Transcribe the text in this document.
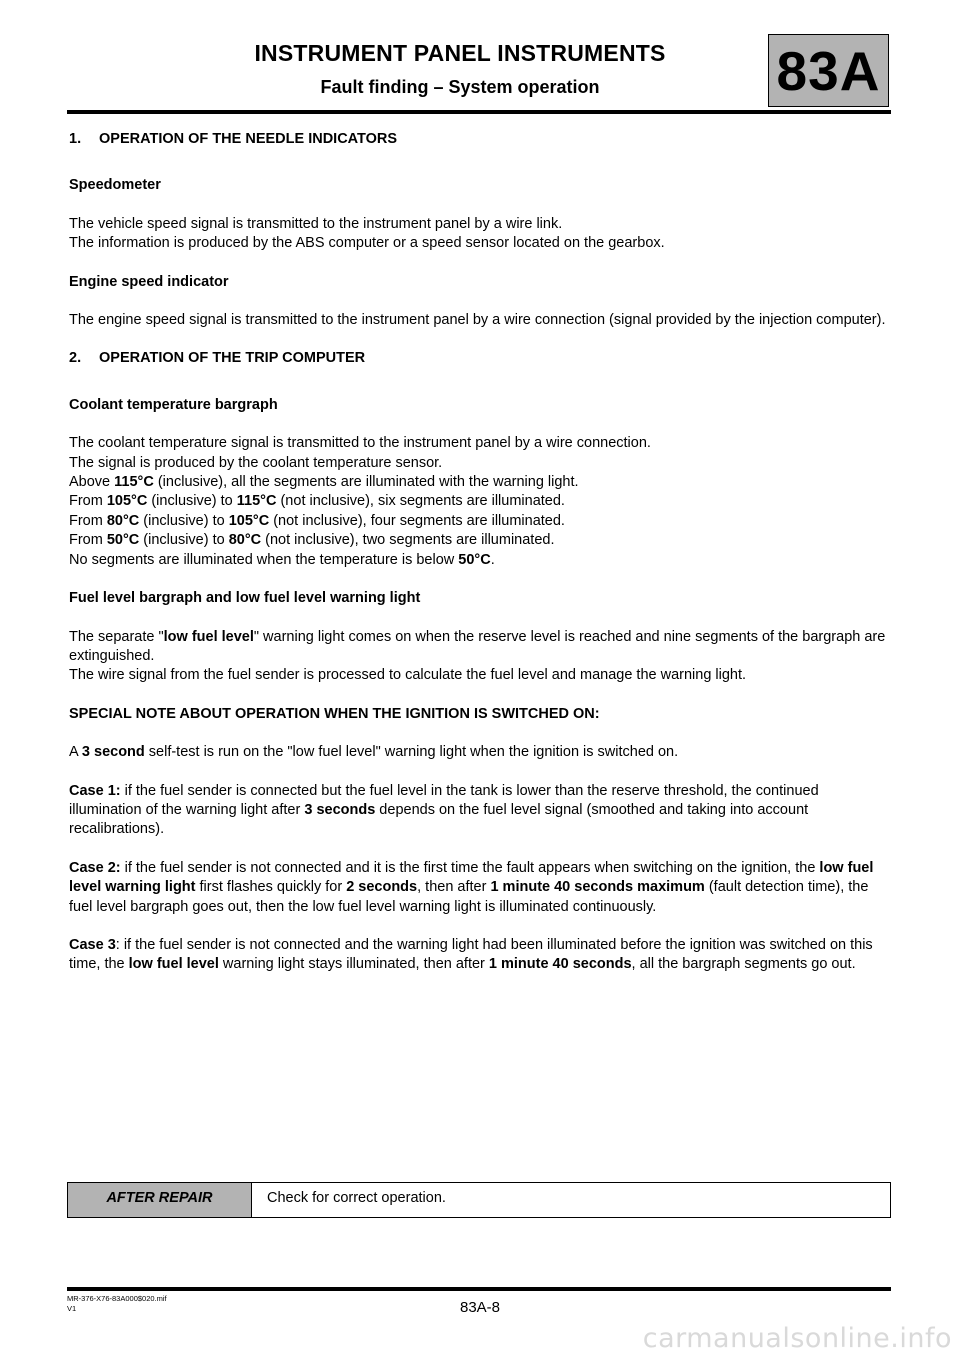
INSTRUMENT PANEL INSTRUMENTS
Fault finding – System operation	83A

1. OPERATION OF THE NEEDLE INDICATORS

Speedometer

The vehicle speed signal is transmitted to the instrument panel by a wire link.

The information is produced by the ABS computer or a speed sensor located on the gearbox.

Engine speed indicator

The engine speed signal is transmitted to the instrument panel by a wire connection (signal provided by the injection computer).

2. OPERATION OF THE TRIP COMPUTER

Coolant temperature bargraph

The coolant temperature signal is transmitted to the instrument panel by a wire connection.

The signal is produced by the coolant temperature sensor.

Above 115°C (inclusive), all the segments are illuminated with the warning light.

From 105°C (inclusive) to 115°C (not inclusive), six segments are illuminated.

From 80°C (inclusive) to 105°C (not inclusive), four segments are illuminated.

From 50°C (inclusive) to 80°C (not inclusive), two segments are illuminated.

No segments are illuminated when the temperature is below 50°C.

Fuel level bargraph and low fuel level warning light

The separate "low fuel level" warning light comes on when the reserve level is reached and nine segments of the bargraph are extinguished.

The wire signal from the fuel sender is processed to calculate the fuel level and manage the warning light.

SPECIAL NOTE ABOUT OPERATION WHEN THE IGNITION IS SWITCHED ON:

A 3 second self-test is run on the "low fuel level" warning light when the ignition is switched on.

Case 1: if the fuel sender is connected but the fuel level in the tank is lower than the reserve threshold, the continued illumination of the warning light after 3 seconds depends on the fuel level signal (smoothed and taking into account recalibrations).

Case 2: if the fuel sender is not connected and it is the first time the fault appears when switching on the ignition, the low fuel level warning light first flashes quickly for 2 seconds, then after 1 minute 40 seconds maximum (fault detection time), the fuel level bargraph goes out, then the low fuel level warning light is illuminated continuously.

Case 3: if the fuel sender is not connected and the warning light had been illuminated before the ignition was switched on this time, the low fuel level warning light stays illuminated, then after 1 minute 40 seconds, all the bargraph segments go out.

AFTER REPAIR	Check for correct operation.
MR-376-X76-83A000$020.mif
V1	83A-8
carmanualsonline.info
